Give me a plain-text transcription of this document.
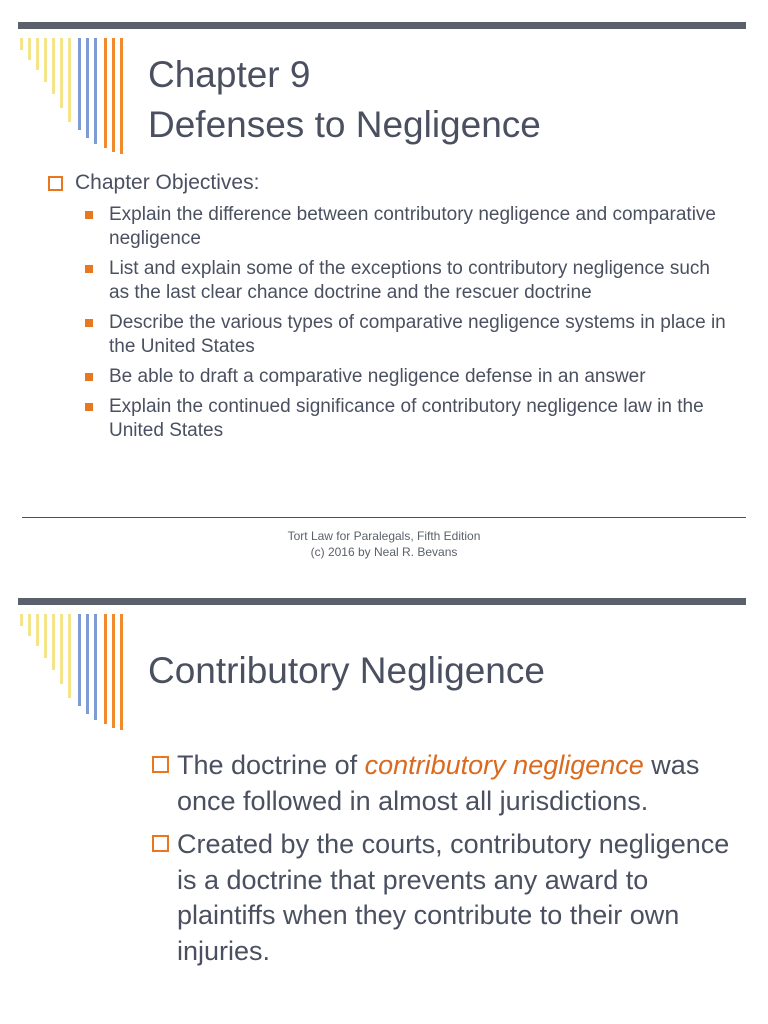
Chapter 9
Defenses to Negligence
Chapter Objectives:
Explain the difference between contributory negligence and comparative negligence
List and explain some of the exceptions to contributory negligence such as the last clear chance doctrine and the rescuer doctrine
Describe the various types of comparative negligence systems in place in the United States
Be able to draft a comparative negligence defense in an answer
Explain the continued significance of contributory negligence law in the United States
Tort Law for Paralegals, Fifth Edition
(c) 2016 by Neal R. Bevans
Contributory Negligence
The doctrine of contributory negligence was once followed in almost all jurisdictions.
Created by the courts, contributory negligence is a doctrine that prevents any award to plaintiffs when they contribute to their own injuries.
